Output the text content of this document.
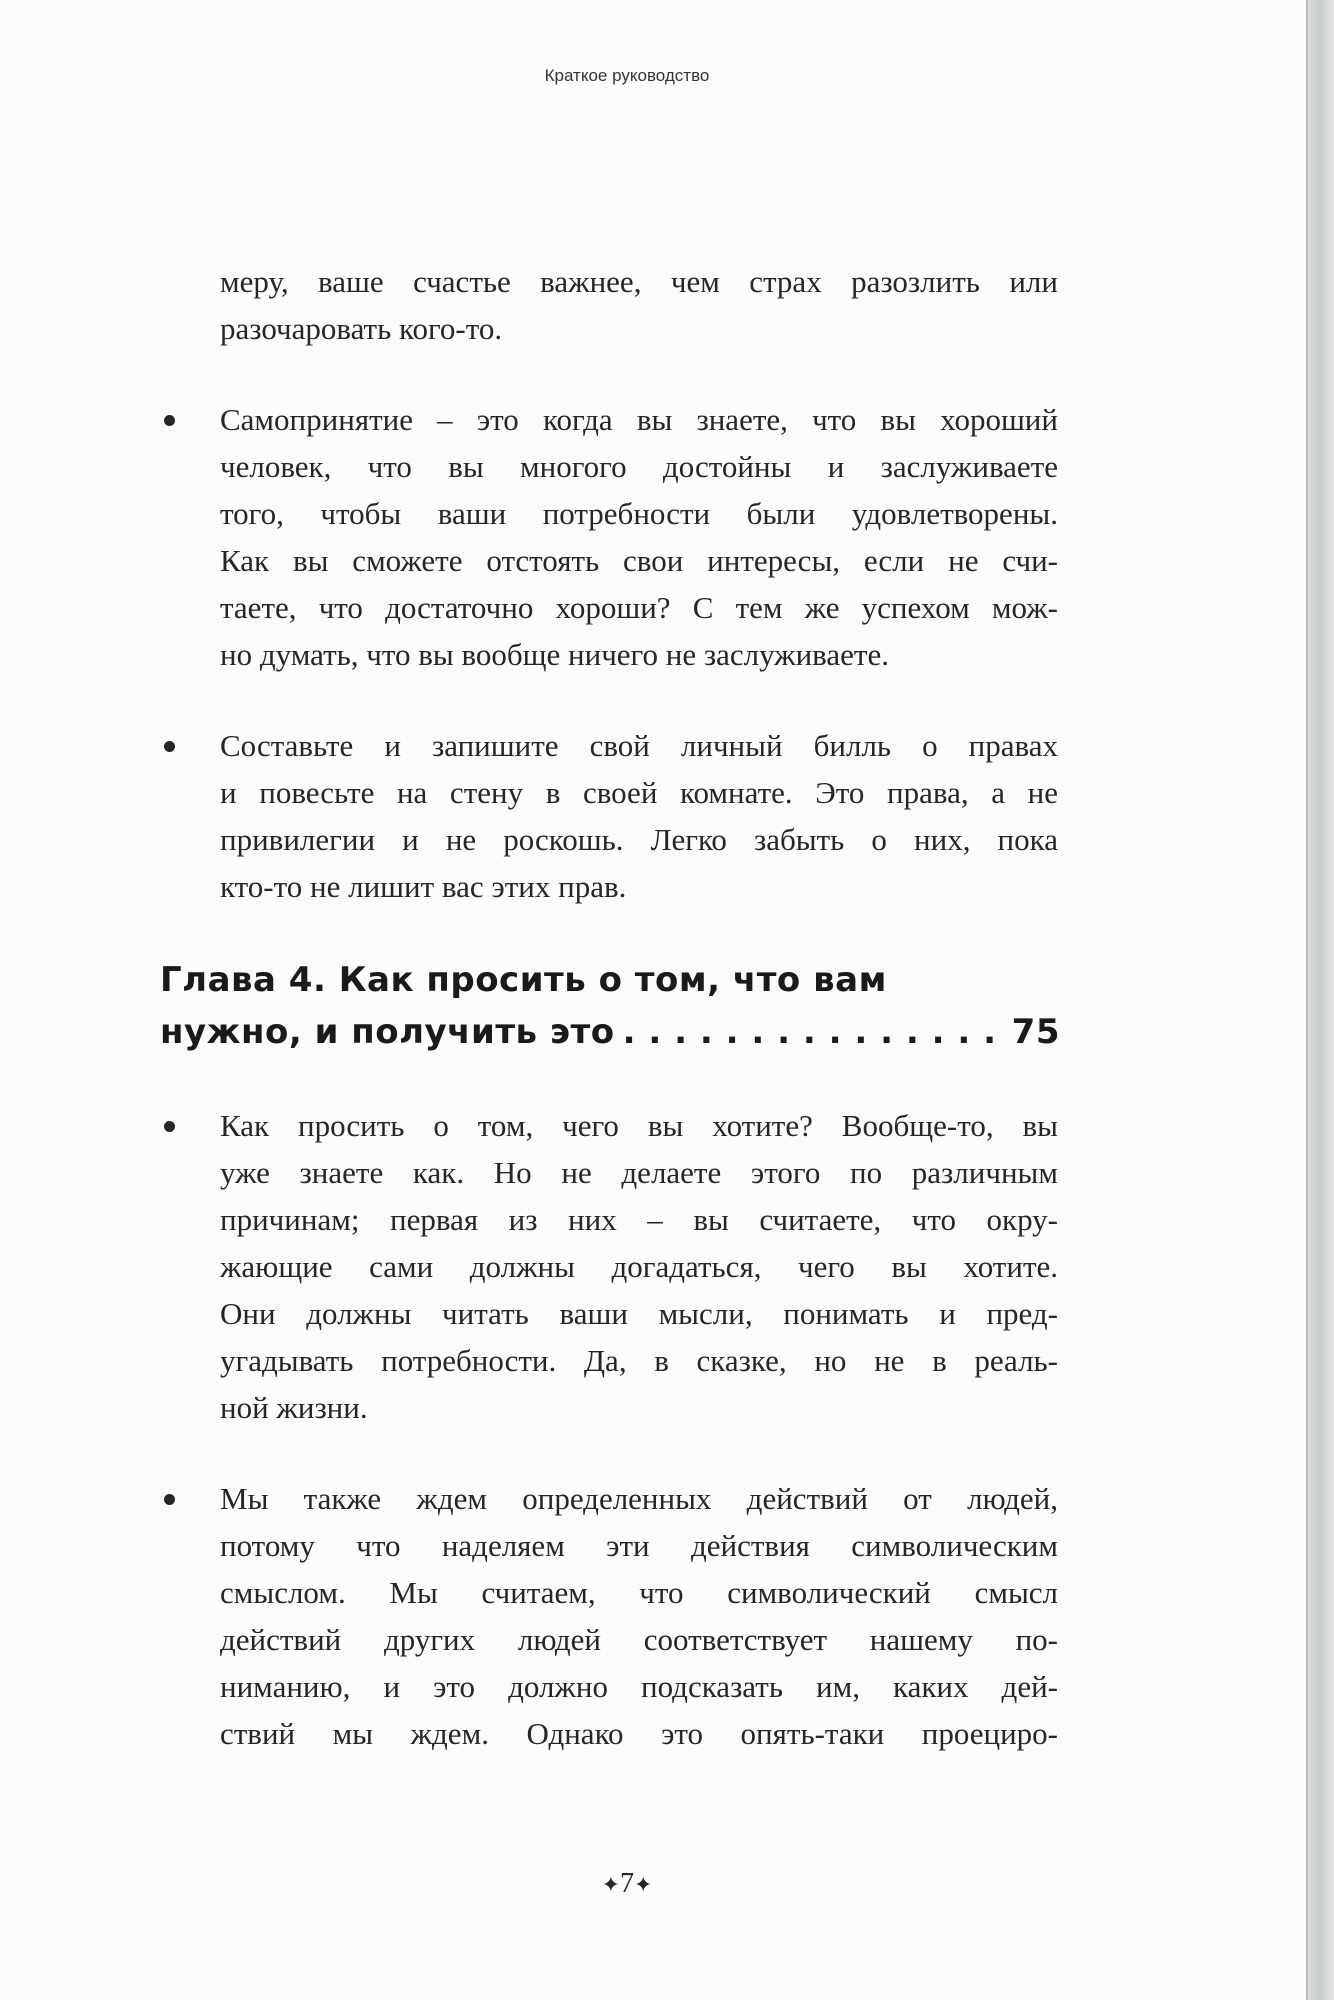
Краткое руководство
меру, ваше счастье важнее, чем страх разозлить или
разочаровать кого-то.
Самопринятие – это когда вы знаете, что вы хороший
человек, что вы многого достойны и заслуживаете
того, чтобы ваши потребности были удовлетворены.
Как вы сможете отстоять свои интересы, если не счи-
таете, что достаточно хороши? С тем же успехом мож-
но думать, что вы вообще ничего не заслуживаете.
Составьте и запишите свой личный билль о правах
и повесьте на стену в своей комнате. Это права, а не
привилегии и не роскошь. Легко забыть о них, пока
кто-то не лишит вас этих прав.
Глава 4. Как просить о том, что вам
нужно, и получить это
. . .	75
Как просить о том, чего вы хотите? Вообще-то, вы
уже знаете как. Но не делаете этого по различным
причинам; первая из них – вы считаете, что окру-
жающие сами должны догадаться, чего вы хотите.
Они должны читать ваши мысли, понимать и пред-
угадывать потребности. Да, в сказке, но не в реаль-
ной жизни.
Мы также ждем определенных действий от людей,
потому что наделяем эти действия символическим
смыслом. Мы считаем, что символический смысл
действий других людей соответствует нашему по-
ниманию, и это должно подсказать им, каких дей-
ствий мы ждем. Однако это опять-таки проециро-
✦7✦
